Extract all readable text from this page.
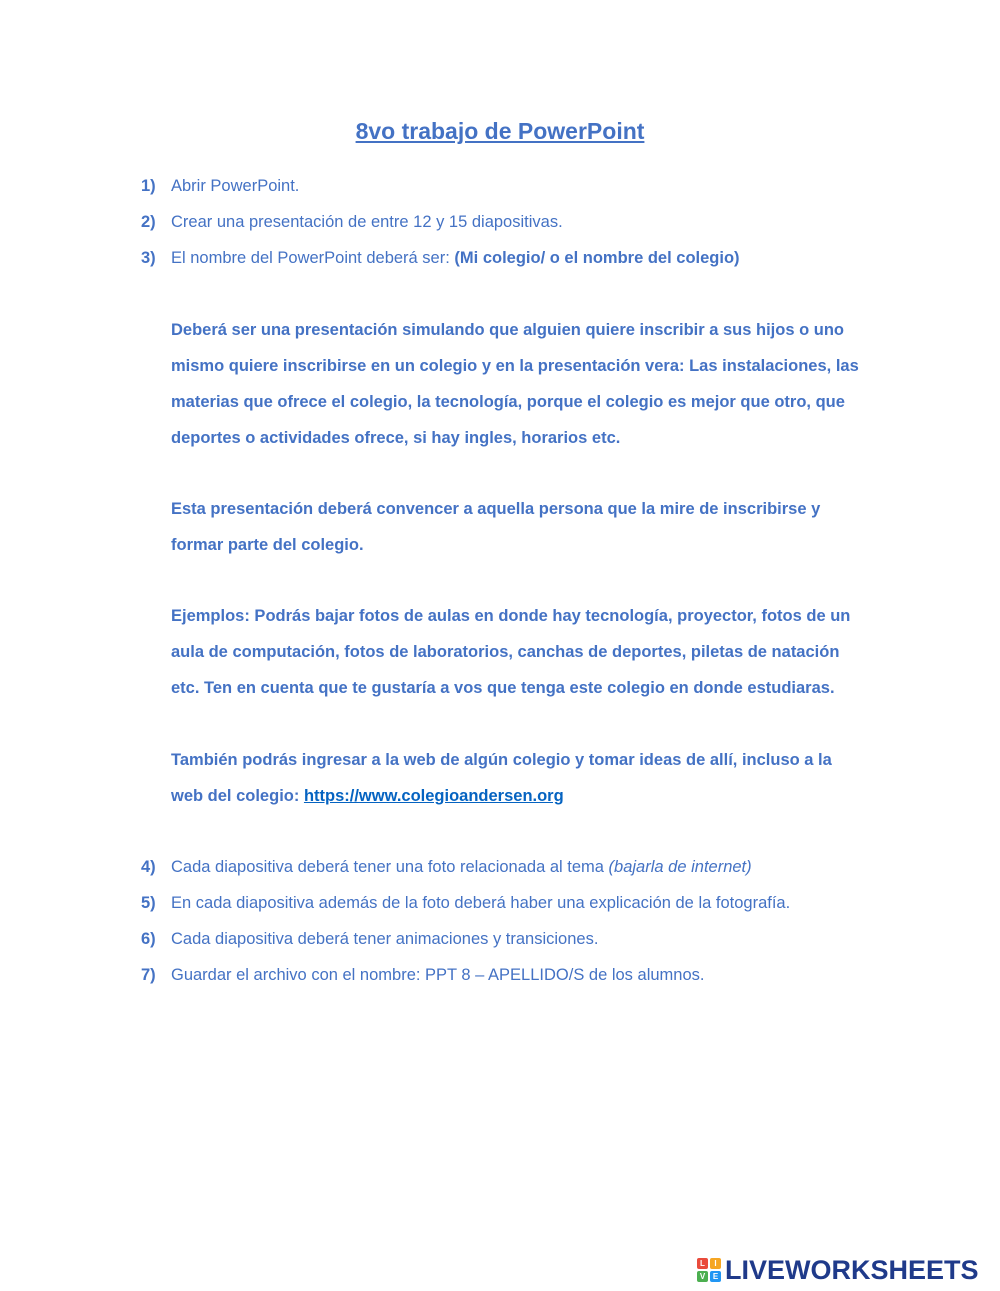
8vo trabajo de PowerPoint
1) Abrir PowerPoint.
2) Crear una presentación de entre 12 y 15 diapositivas.
3) El nombre del PowerPoint deberá ser: (Mi colegio/ o el nombre del colegio)
Deberá ser una presentación simulando que alguien quiere inscribir a sus hijos o uno
mismo quiere inscribirse en un colegio y en la presentación vera: Las instalaciones, las
materias que ofrece el colegio, la tecnología, porque el colegio es mejor que otro, que
deportes o actividades ofrece, si hay ingles, horarios etc.
Esta presentación deberá convencer a aquella persona que la mire de inscribirse y
formar parte del colegio.
Ejemplos: Podrás bajar fotos de aulas en donde hay tecnología, proyector, fotos de un
aula de computación, fotos de laboratorios, canchas de deportes, piletas de natación
etc. Ten en cuenta que te gustaría a vos que tenga este colegio en donde estudiaras.
También podrás ingresar a la web de algún colegio y tomar ideas de allí, incluso a la
web del colegio: https://www.colegioandersen.org
4) Cada diapositiva deberá tener una foto relacionada al tema (bajarla de internet)
5) En cada diapositiva además de la foto deberá haber una explicación de la fotografía.
6) Cada diapositiva deberá tener animaciones y transiciones.
7) Guardar el archivo con el nombre: PPT 8 – APELLIDO/S de los alumnos.
L	I
V E LIVEWORKSHEETS
